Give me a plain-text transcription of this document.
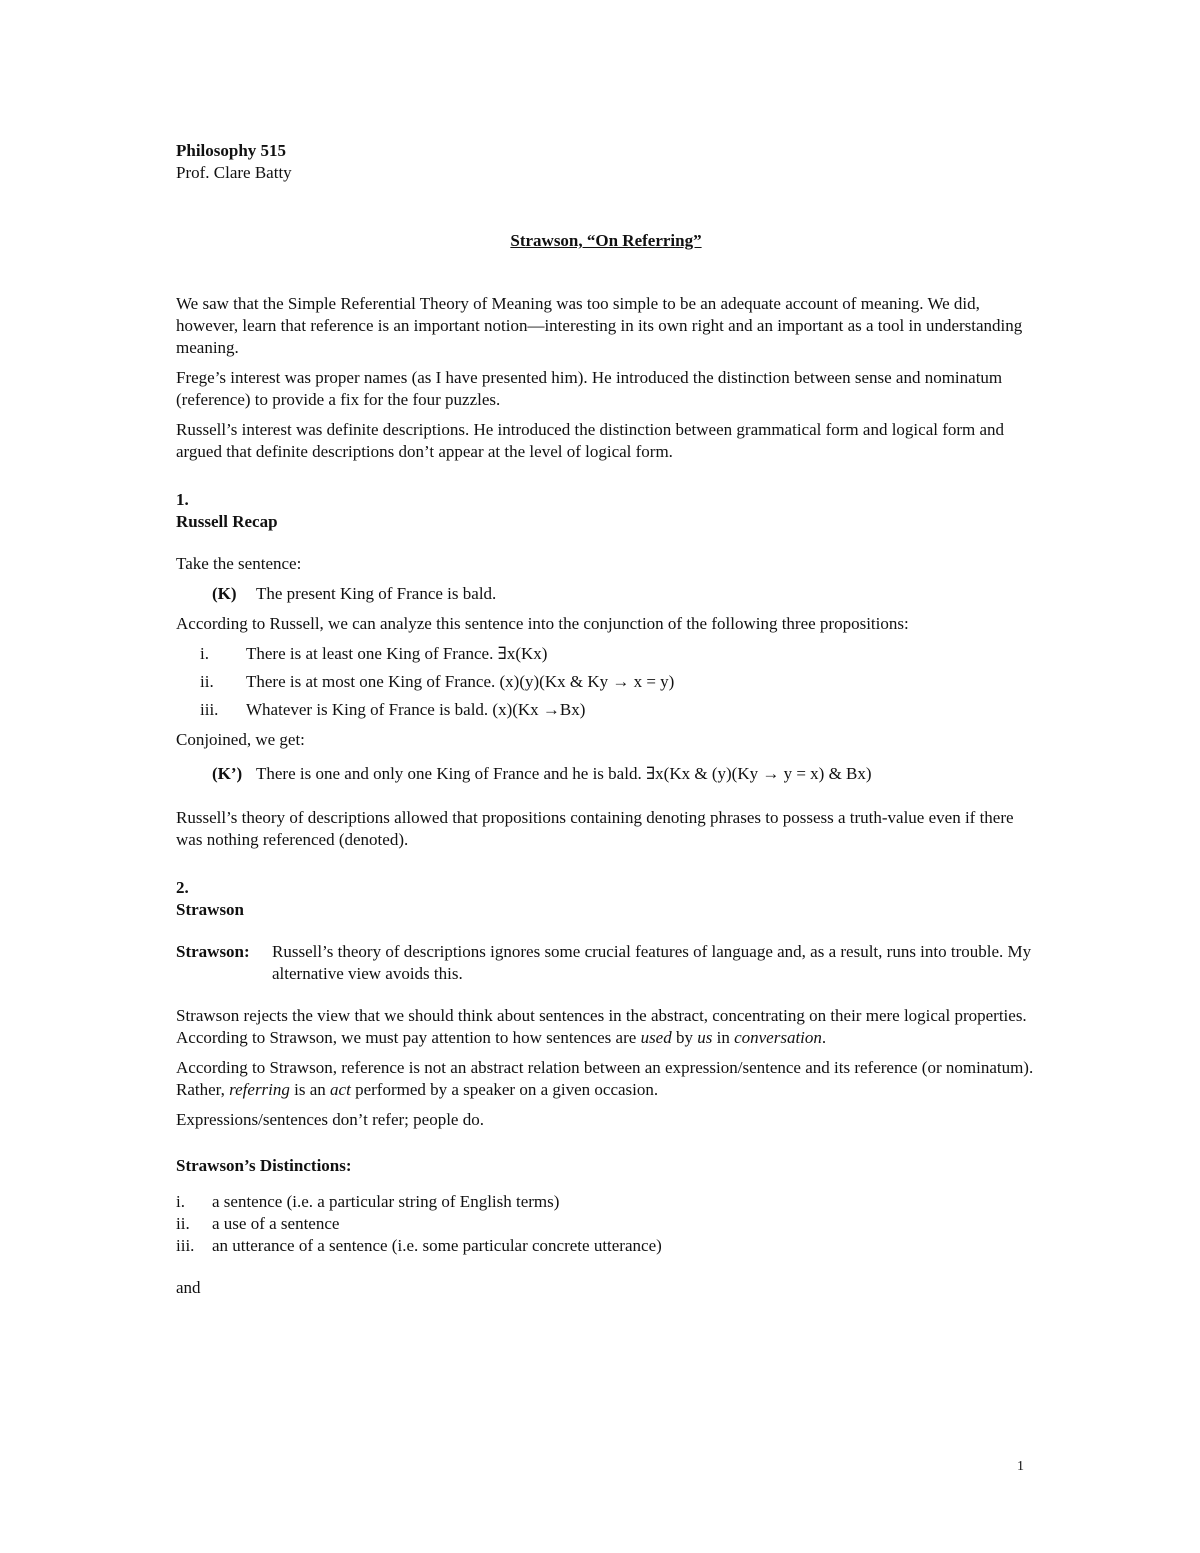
Philosophy 515

Prof. Clare Batty

Strawson, “On Referring”

We saw that the Simple Referential Theory of Meaning was too simple to be an adequate account of meaning. We did, however, learn that reference is an important notion—interesting in its own right and an important as a tool in understanding meaning.

Frege’s interest was proper names (as I have presented him). He introduced the distinction between sense and nominatum (reference) to provide a fix for the four puzzles.

Russell’s interest was definite descriptions. He introduced the distinction between grammatical form and logical form and argued that definite descriptions don’t appear at the level of logical form.

1.
Russell Recap

Take the sentence:

(K)	The present King of France is bald.

According to Russell, we can analyze this sentence into the conjunction of the following three propositions:

i.	There is at least one King of France. ∃x(Kx)
ii.	There is at most one King of France. (x)(y)(Kx & Ky → x = y)
iii.	Whatever is King of France is bald. (x)(Kx →Bx)

Conjoined, we get:

(K’) There is one and only one King of France and he is bald. ∃x(Kx & (y)(Ky → y = x) & Bx)

Russell’s theory of descriptions allowed that propositions containing denoting phrases to possess a truth-value even if there was nothing referenced (denoted).

2.
Strawson
Strawson:	Russell’s theory of descriptions ignores some crucial features of language and, as a result, runs into trouble. My alternative view avoids this.

Strawson rejects the view that we should think about sentences in the abstract, concentrating on their mere logical properties. According to Strawson, we must pay attention to how sentences are used by us in conversation.

According to Strawson, reference is not an abstract relation between an expression/sentence and its reference (or nominatum). Rather, referring is an act performed by a speaker on a given occasion.

Expressions/sentences don’t refer; people do.

Strawson’s Distinctions:
i.	a sentence (i.e. a particular string of English terms)
ii.	a use of a sentence
iii.	an utterance of a sentence (i.e. some particular concrete utterance)

and

1
